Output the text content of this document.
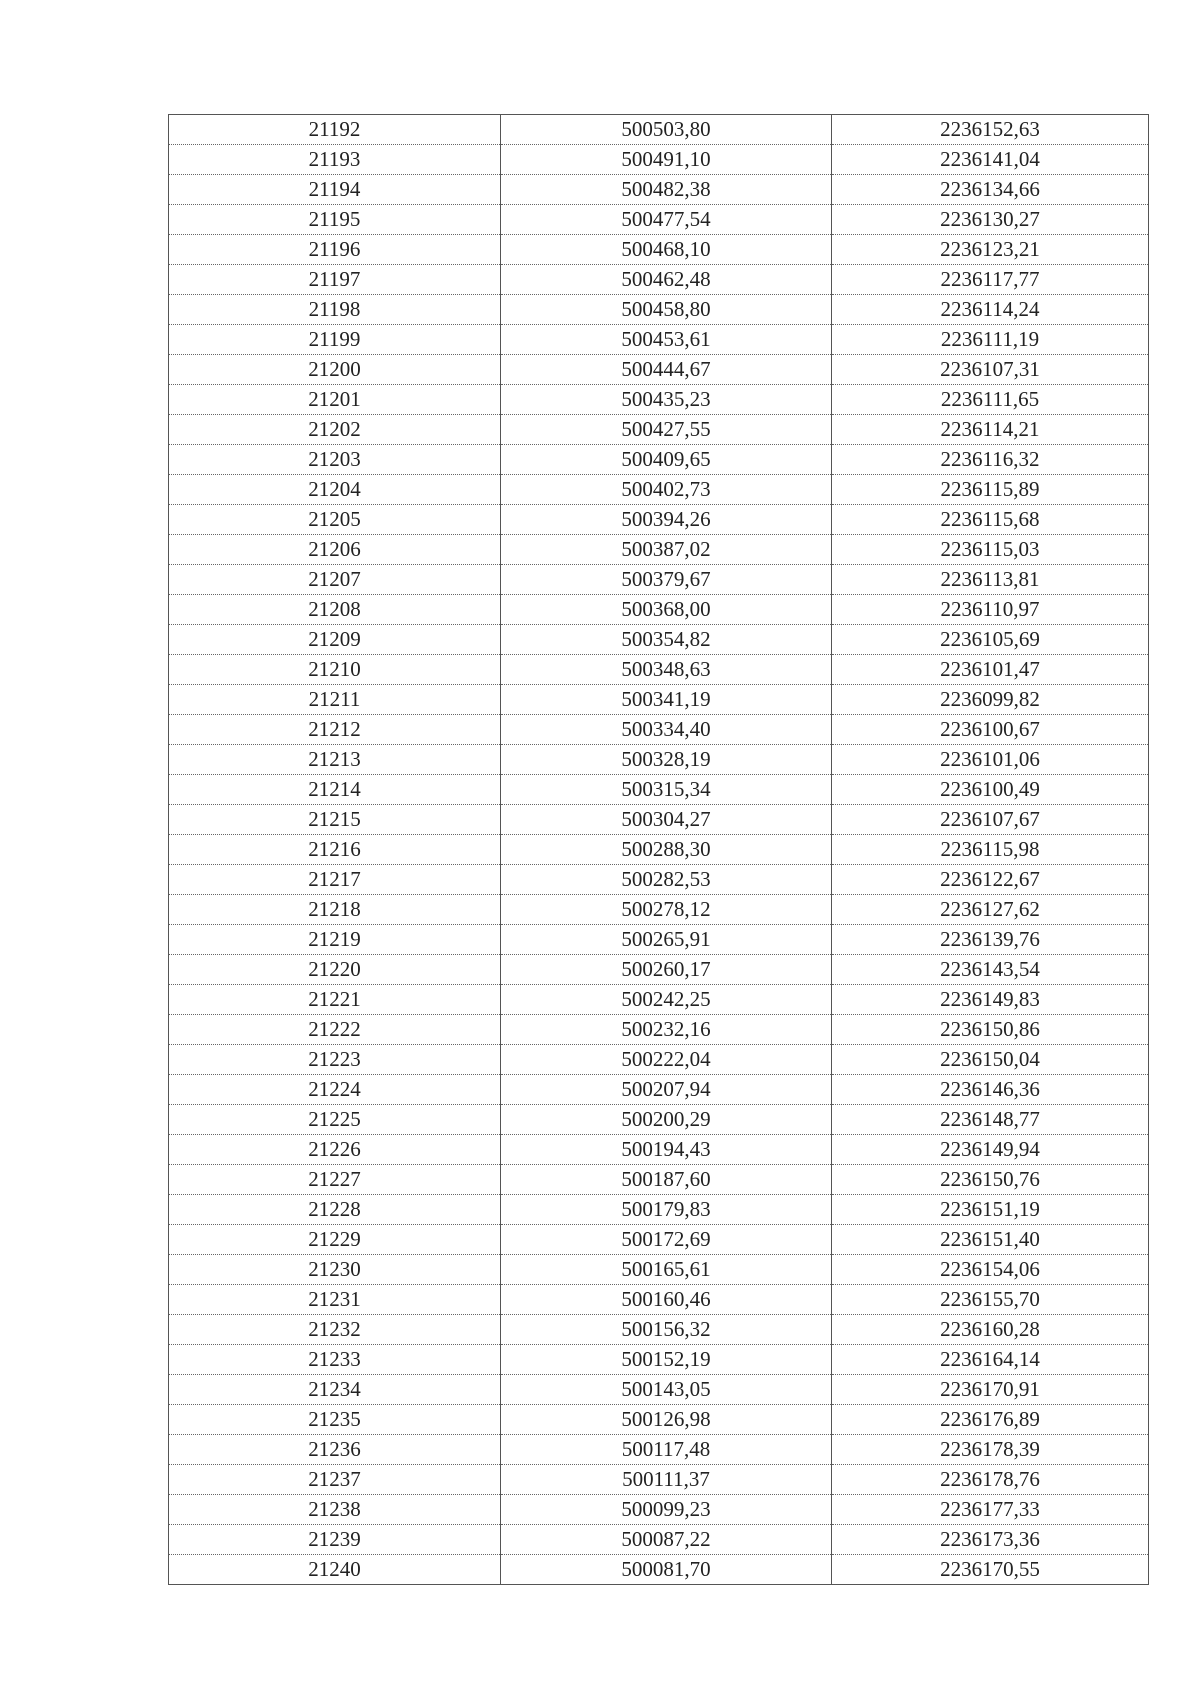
21192	500503,80	2236152,63
21193	500491,10	2236141,04
21194	500482,38	2236134,66
21195	500477,54	2236130,27
21196	500468,10	2236123,21
21197	500462,48	2236117,77
21198	500458,80	2236114,24
21199	500453,61	2236111,19
21200	500444,67	2236107,31
21201	500435,23	2236111,65
21202	500427,55	2236114,21
21203	500409,65	2236116,32
21204	500402,73	2236115,89
21205	500394,26	2236115,68
21206	500387,02	2236115,03
21207	500379,67	2236113,81
21208	500368,00	2236110,97
21209	500354,82	2236105,69
21210	500348,63	2236101,47
21211	500341,19	2236099,82
21212	500334,40	2236100,67
21213	500328,19	2236101,06
21214	500315,34	2236100,49
21215	500304,27	2236107,67
21216	500288,30	2236115,98
21217	500282,53	2236122,67
21218	500278,12	2236127,62
21219	500265,91	2236139,76
21220	500260,17	2236143,54
21221	500242,25	2236149,83
21222	500232,16	2236150,86
21223	500222,04	2236150,04
21224	500207,94	2236146,36
21225	500200,29	2236148,77
21226	500194,43	2236149,94
21227	500187,60	2236150,76
21228	500179,83	2236151,19
21229	500172,69	2236151,40
21230	500165,61	2236154,06
21231	500160,46	2236155,70
21232	500156,32	2236160,28
21233	500152,19	2236164,14
21234	500143,05	2236170,91
21235	500126,98	2236176,89
21236	500117,48	2236178,39
21237	500111,37	2236178,76
21238	500099,23	2236177,33
21239	500087,22	2236173,36
21240	500081,70	2236170,55
